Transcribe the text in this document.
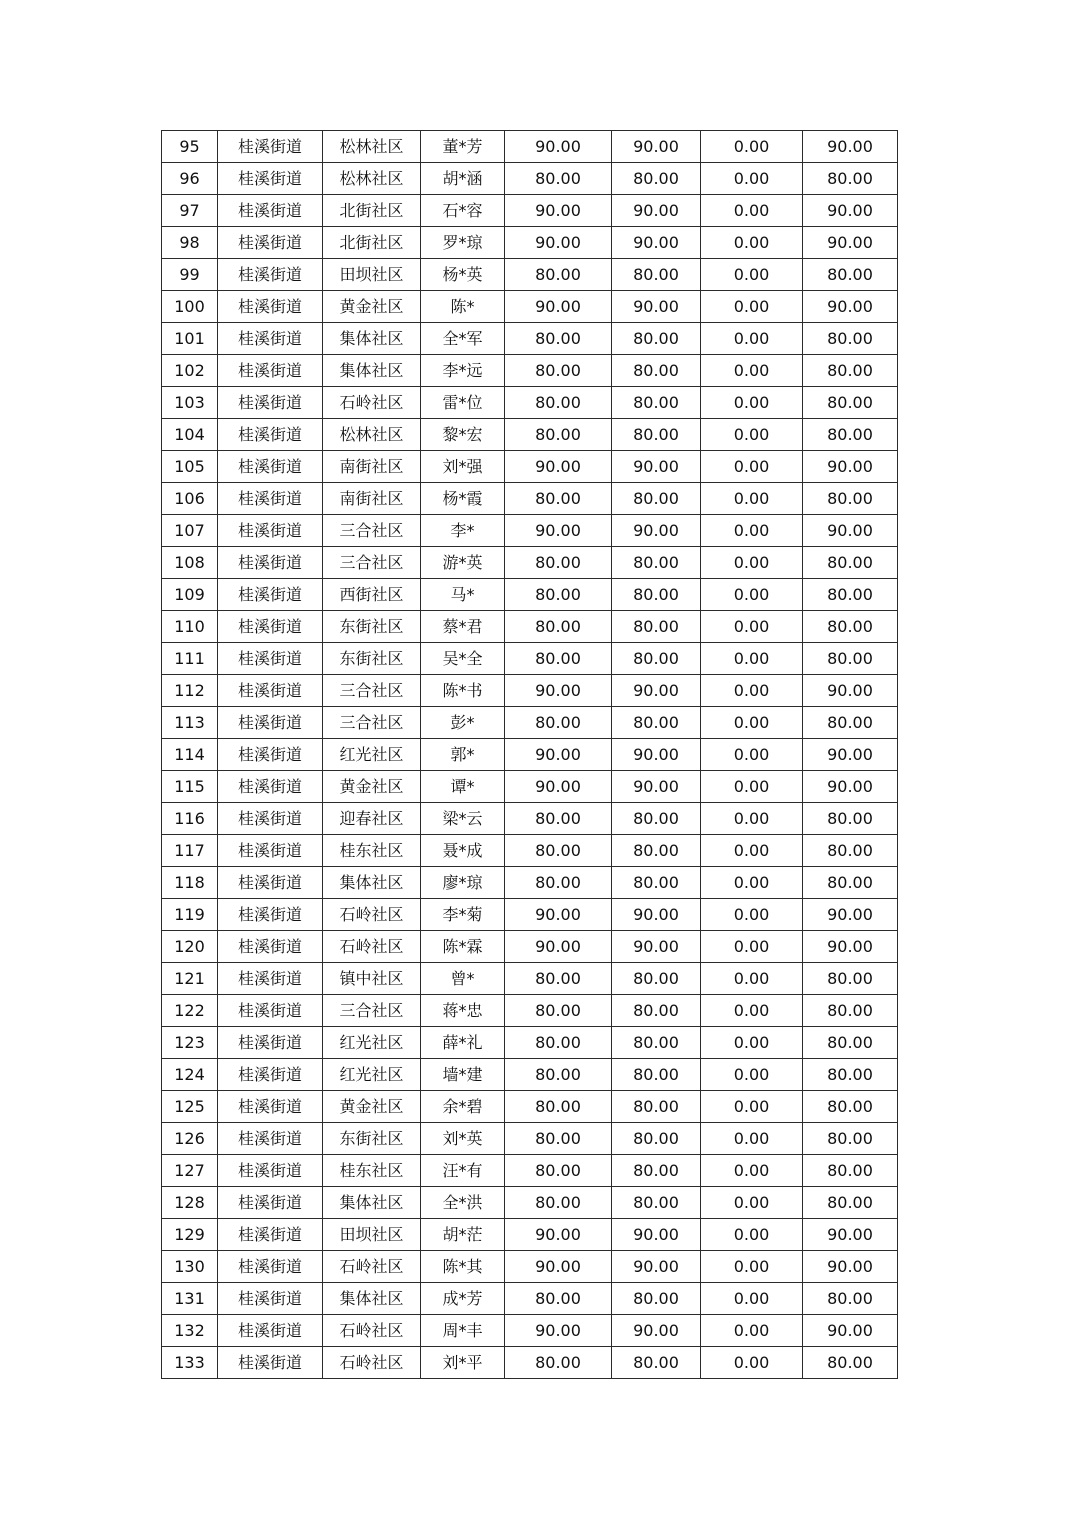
95	桂溪街道	松林社区	董*芳	90.00	90.00	0.00	90.00
96	桂溪街道	松林社区	胡*涵	80.00	80.00	0.00	80.00
97	桂溪街道	北街社区	石*容	90.00	90.00	0.00	90.00
98	桂溪街道	北街社区	罗*琼	90.00	90.00	0.00	90.00
99	桂溪街道	田坝社区	杨*英	80.00	80.00	0.00	80.00
100	桂溪街道	黄金社区	陈*	90.00	90.00	0.00	90.00
101	桂溪街道	集体社区	全*军	80.00	80.00	0.00	80.00
102	桂溪街道	集体社区	李*远	80.00	80.00	0.00	80.00
103	桂溪街道	石岭社区	雷*位	80.00	80.00	0.00	80.00
104	桂溪街道	松林社区	黎*宏	80.00	80.00	0.00	80.00
105	桂溪街道	南街社区	刘*强	90.00	90.00	0.00	90.00
106	桂溪街道	南街社区	杨*霞	80.00	80.00	0.00	80.00
107	桂溪街道	三合社区	李*	90.00	90.00	0.00	90.00
108	桂溪街道	三合社区	游*英	80.00	80.00	0.00	80.00
109	桂溪街道	西街社区	马*	80.00	80.00	0.00	80.00
110	桂溪街道	东街社区	蔡*君	80.00	80.00	0.00	80.00
111	桂溪街道	东街社区	吴*全	80.00	80.00	0.00	80.00
112	桂溪街道	三合社区	陈*书	90.00	90.00	0.00	90.00
113	桂溪街道	三合社区	彭*	80.00	80.00	0.00	80.00
114	桂溪街道	红光社区	郭*	90.00	90.00	0.00	90.00
115	桂溪街道	黄金社区	谭*	90.00	90.00	0.00	90.00
116	桂溪街道	迎春社区	梁*云	80.00	80.00	0.00	80.00
117	桂溪街道	桂东社区	聂*成	80.00	80.00	0.00	80.00
118	桂溪街道	集体社区	廖*琼	80.00	80.00	0.00	80.00
119	桂溪街道	石岭社区	李*菊	90.00	90.00	0.00	90.00
120	桂溪街道	石岭社区	陈*霖	90.00	90.00	0.00	90.00
121	桂溪街道	镇中社区	曾*	80.00	80.00	0.00	80.00
122	桂溪街道	三合社区	蒋*忠	80.00	80.00	0.00	80.00
123	桂溪街道	红光社区	薛*礼	80.00	80.00	0.00	80.00
124	桂溪街道	红光社区	墙*建	80.00	80.00	0.00	80.00
125	桂溪街道	黄金社区	余*碧	80.00	80.00	0.00	80.00
126	桂溪街道	东街社区	刘*英	80.00	80.00	0.00	80.00
127	桂溪街道	桂东社区	汪*有	80.00	80.00	0.00	80.00
128	桂溪街道	集体社区	全*洪	80.00	80.00	0.00	80.00
129	桂溪街道	田坝社区	胡*茫	90.00	90.00	0.00	90.00
130	桂溪街道	石岭社区	陈*其	90.00	90.00	0.00	90.00
131	桂溪街道	集体社区	成*芳	80.00	80.00	0.00	80.00
132	桂溪街道	石岭社区	周*丰	90.00	90.00	0.00	90.00
133	桂溪街道	石岭社区	刘*平	80.00	80.00	0.00	80.00
